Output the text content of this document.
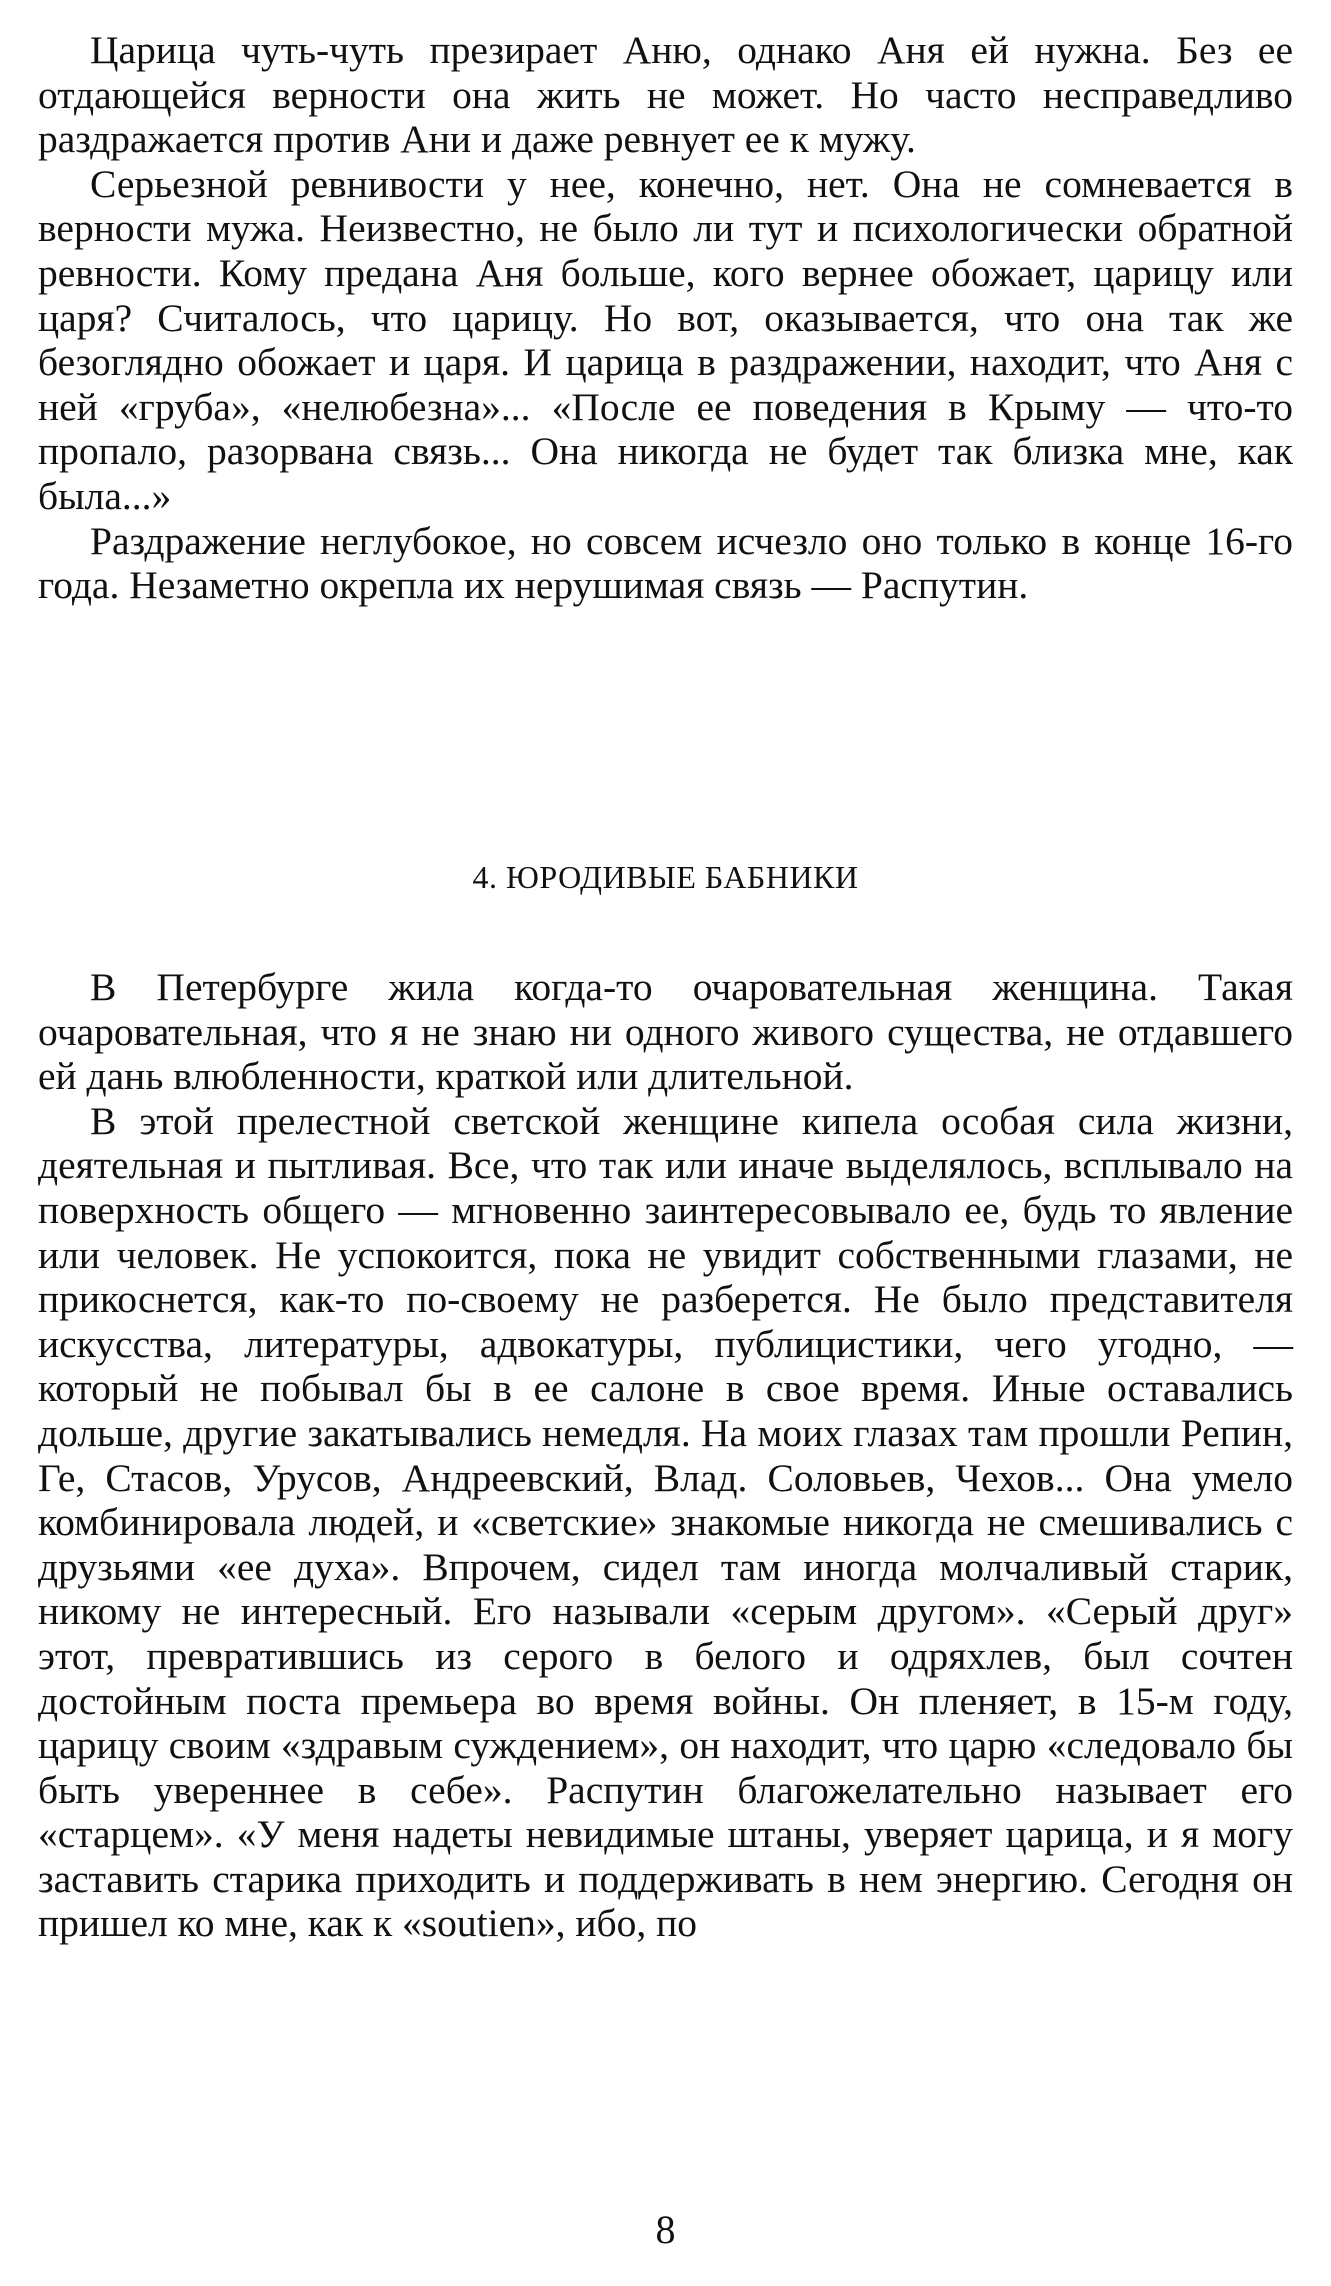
Царица чуть-чуть презирает Аню, однако Аня ей нужна. Без ее отдающейся верности она жить не может. Но часто несправедливо раздражается против Ани и даже ревнует ее к мужу.

Серьезной ревнивости у нее, конечно, нет. Она не сомневается в верности мужа. Неизвестно, не было ли тут и психологически обратной ревности. Кому предана Аня больше, кого вернее обожает, царицу или царя? Считалось, что царицу. Но вот, оказывается, что она так же безоглядно обожает и царя. И царица в раздражении, находит, что Аня с ней «груба», «нелюбезна»... «После ее поведения в Крыму — что-то пропало, разорвана связь... Она никогда не будет так близка мне, как была...»

Раздражение неглубокое, но совсем исчезло оно только в конце 16-го года. Незаметно окрепла их нерушимая связь — Распутин.

4. ЮРОДИВЫЕ БАБНИКИ

В Петербурге жила когда-то очаровательная женщина. Такая очаровательная, что я не знаю ни одного живого существа, не отдавшего ей дань влюбленности, краткой или длительной.

В этой прелестной светской женщине кипела особая сила жизни, деятельная и пытливая. Все, что так или иначе выделялось, всплывало на поверхность общего — мгновенно заинтересовывало ее, будь то явление или человек. Не успокоится, пока не увидит собственными глазами, не прикоснется, как-то по-своему не разберется. Не было представителя искусства, литературы, адвокатуры, публицистики, чего угодно, — который не побывал бы в ее салоне в свое время. Иные оставались дольше, другие закатывались немедля. На моих глазах там прошли Репин, Ге, Стасов, Урусов, Андреевский, Влад. Соловьев, Чехов... Она умело комбинировала людей, и «светские» знакомые никогда не смешивались с друзьями «ее духа». Впрочем, сидел там иногда молчаливый старик, никому не интересный. Его называли «серым другом». «Серый друг» этот, превратившись из серого в белого и одряхлев, был сочтен достойным поста премьера во время войны. Он пленяет, в 15-м году, царицу своим «здравым суждением», он находит, что царю «следовало бы быть увереннее в себе». Распутин благожелательно называет его «старцем». «У меня надеты невидимые штаны, уверяет царица, и я могу заставить старика приходить и поддерживать в нем энергию. Сегодня он пришел ко мне, как к «soutien», ибо, по

8
